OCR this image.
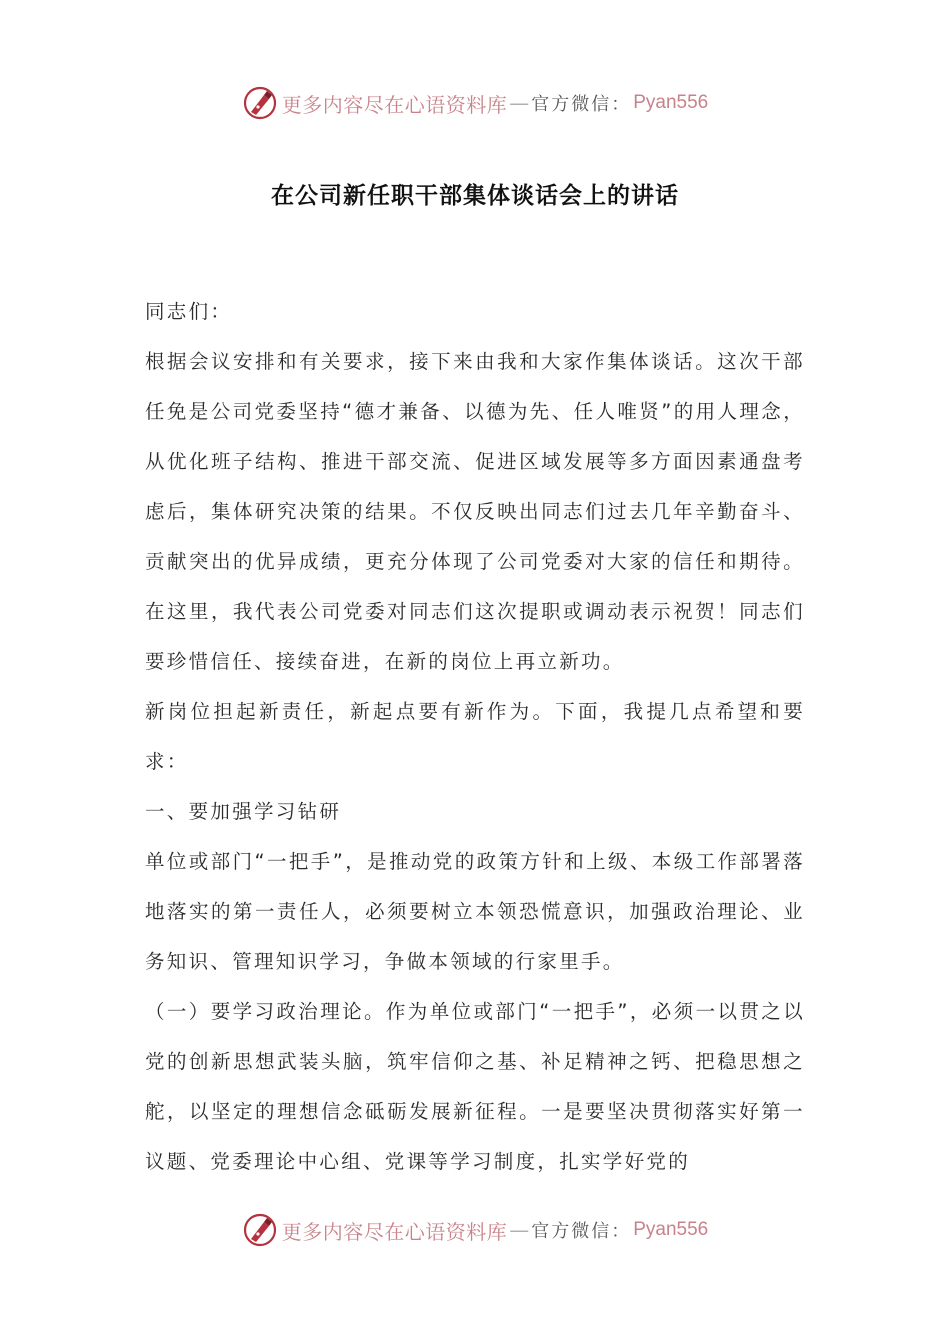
更多内容尽在心语资料库 — 官方微信： Pyan556
在公司新任职干部集体谈话会上的讲话

同志们：

根据会议安排和有关要求，接下来由我和大家作集体谈话。这次干部任免是公司党委坚持“德才兼备、以德为先、任人唯贤”的用人理念，从优化班子结构、推进干部交流、促进区域发展等多方面因素通盘考虑后，集体研究决策的结果。不仅反映出同志们过去几年辛勤奋斗、贡献突出的优异成绩，更充分体现了公司党委对大家的信任和期待。在这里，我代表公司党委对同志们这次提职或调动表示祝贺！同志们要珍惜信任、接续奋进，在新的岗位上再立新功。

新岗位担起新责任，新起点要有新作为。下面，我提几点希望和要求：

一、要加强学习钻研

单位或部门“一把手”，是推动党的政策方针和上级、本级工作部署落地落实的第一责任人，必须要树立本领恐慌意识，加强政治理论、业务知识、管理知识学习，争做本领域的行家里手。

（一）要学习政治理论。作为单位或部门“一把手”，必须一以贯之以党的创新思想武装头脑，筑牢信仰之基、补足精神之钙、把稳思想之舵，以坚定的理想信念砥砺发展新征程。一是要坚决贯彻落实好第一议题、党委理论中心组、党课等学习制度，扎实学好党的

更多内容尽在心语资料库 — 官方微信： Pyan556
